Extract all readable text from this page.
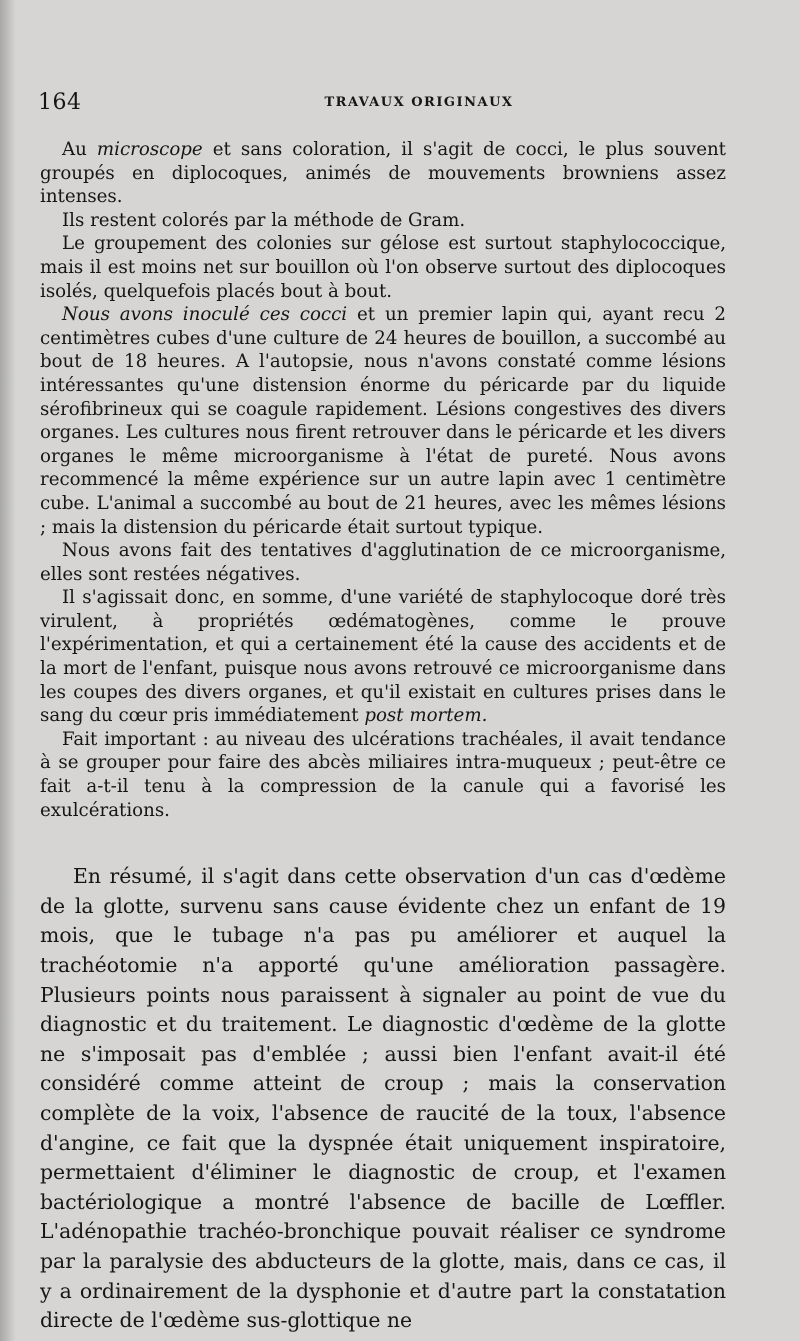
164	TRAVAUX ORIGINAUX

Au microscope et sans coloration, il s'agit de cocci, le plus souvent groupés en diplocoques, animés de mouvements browniens assez intenses.

Ils restent colorés par la méthode de Gram.

Le groupement des colonies sur gélose est surtout staphylococcique, mais il est moins net sur bouillon où l'on observe surtout des diplocoques isolés, quelquefois placés bout à bout.

Nous avons inoculé ces cocci et un premier lapin qui, ayant recu 2 centimètres cubes d'une culture de 24 heures de bouillon, a succombé au bout de 18 heures. A l'autopsie, nous n'avons constaté comme lésions intéressantes qu'une distension énorme du péricarde par du liquide sérofibrineux qui se coagule rapidement. Lésions congestives des divers organes. Les cultures nous firent retrouver dans le péricarde et les divers organes le même microorganisme à l'état de pureté. Nous avons recommencé la même expérience sur un autre lapin avec 1 centimètre cube. L'animal a succombé au bout de 21 heures, avec les mêmes lésions ; mais la distension du péricarde était surtout typique.

Nous avons fait des tentatives d'agglutination de ce microorganisme, elles sont restées négatives.

Il s'agissait donc, en somme, d'une variété de staphylocoque doré très virulent, à propriétés œdématogènes, comme le prouve l'expérimentation, et qui a certainement été la cause des accidents et de la mort de l'enfant, puisque nous avons retrouvé ce microorganisme dans les coupes des divers organes, et qu'il existait en cultures prises dans le sang du cœur pris immédiatement post mortem.

Fait important : au niveau des ulcérations trachéales, il avait tendance à se grouper pour faire des abcès miliaires intra-muqueux ; peut-être ce fait a-t-il tenu à la compression de la canule qui a favorisé les exulcérations.

En résumé, il s'agit dans cette observation d'un cas d'œdème de la glotte, survenu sans cause évidente chez un enfant de 19 mois, que le tubage n'a pas pu améliorer et auquel la trachéotomie n'a apporté qu'une amélioration passagère. Plusieurs points nous paraissent à signaler au point de vue du diagnostic et du traitement. Le diagnostic d'œdème de la glotte ne s'imposait pas d'emblée ; aussi bien l'enfant avait-il été considéré comme atteint de croup ; mais la conservation complète de la voix, l'absence de raucité de la toux, l'absence d'angine, ce fait que la dyspnée était uniquement inspiratoire, permettaient d'éliminer le diagnostic de croup, et l'examen bactériologique a montré l'absence de bacille de Lœffler. L'adénopathie trachéo-bronchique pouvait réaliser ce syndrome par la paralysie des abducteurs de la glotte, mais, dans ce cas, il y a ordinairement de la dysphonie et d'autre part la constatation directe de l'œdème sus-glottique ne
